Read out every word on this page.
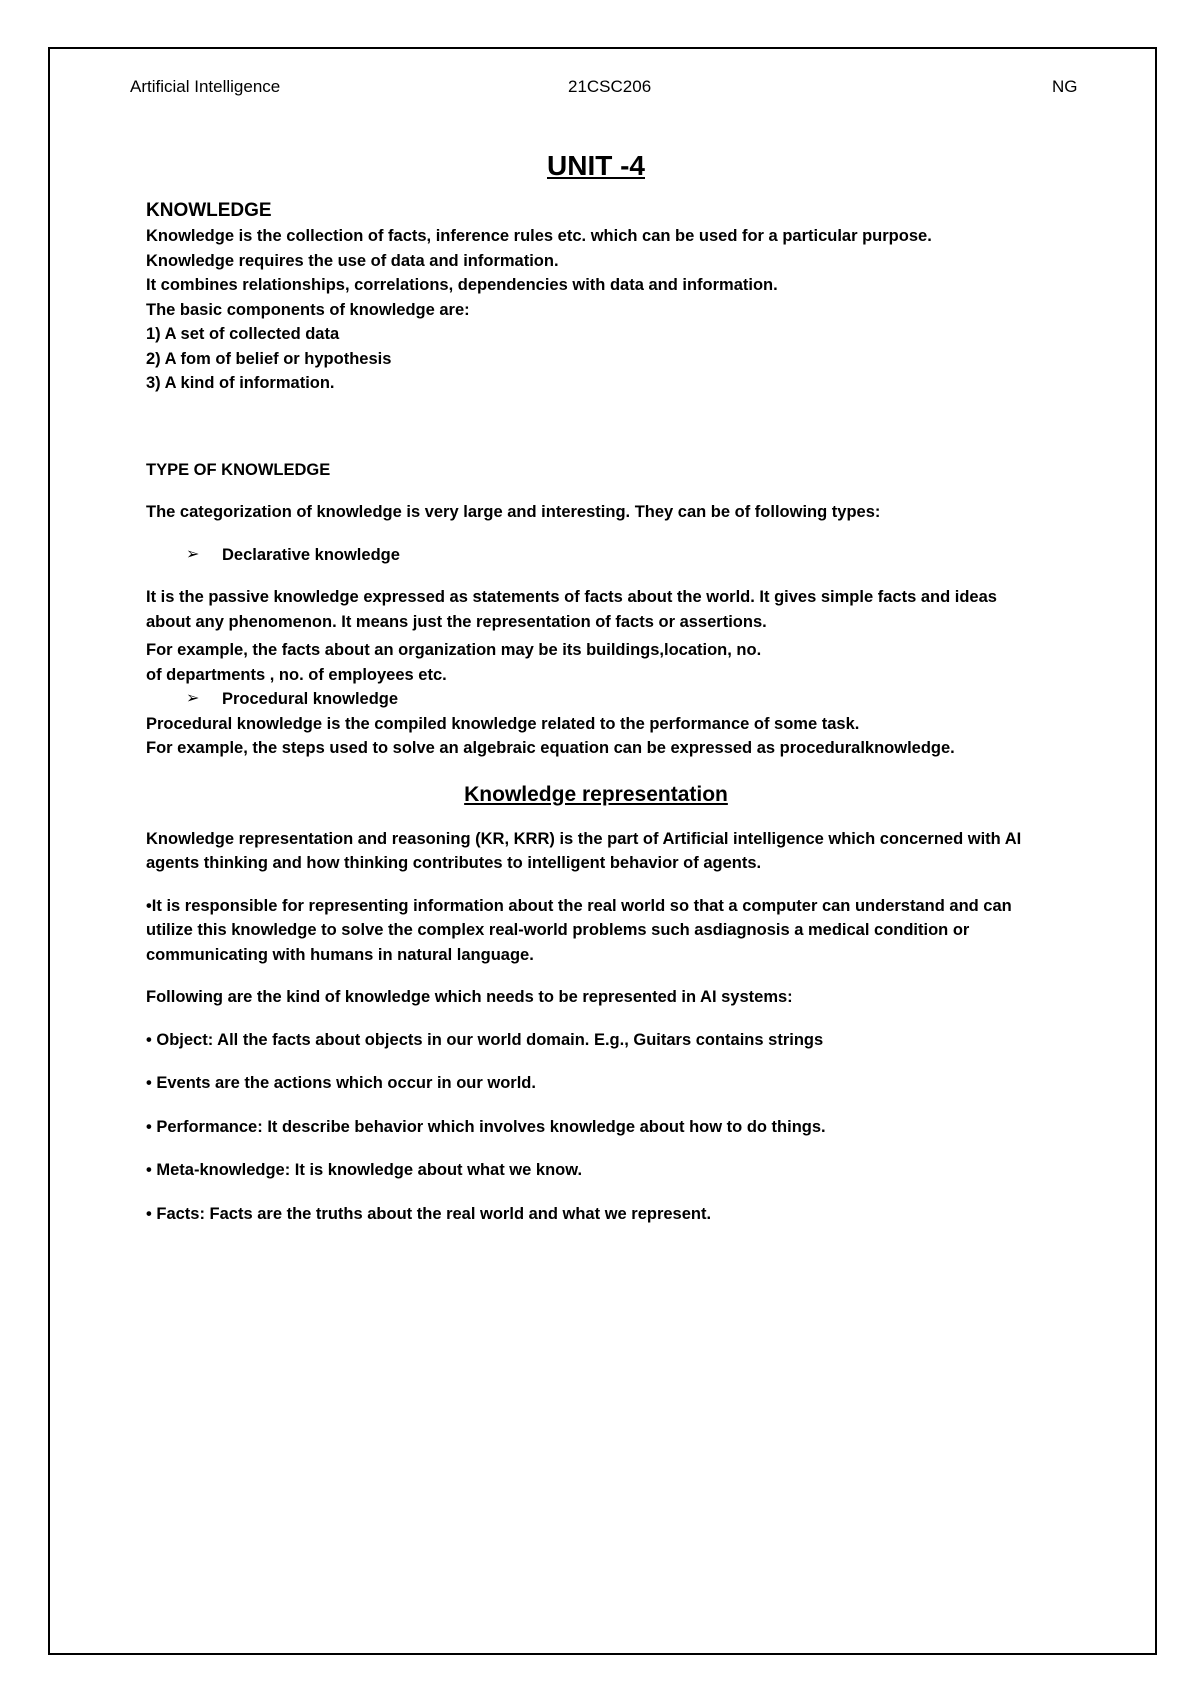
Artificial Intelligence	21CSC206	NG
UNIT -4
KNOWLEDGE
Knowledge is the collection of facts, inference rules etc. which can be used for a particular purpose.
Knowledge requires the use of data and information.
It combines relationships, correlations, dependencies with data and information.
The basic components of knowledge are:
1) A set of collected data
2) A fom of belief or hypothesis
3) A kind of information.
TYPE OF KNOWLEDGE
The categorization of knowledge is very large and interesting. They can be of following types:
➢	Declarative knowledge
It is the passive knowledge expressed as statements of facts about the world. It gives simple facts and ideas about any phenomenon. It means just the representation of facts or assertions.
For example, the facts about an organization may be its buildings,location, no.
of departments , no. of employees etc.
➢	Procedural knowledge
Procedural knowledge is the compiled knowledge related to the performance of some task.
For example, the steps used to solve an algebraic equation can be expressed as proceduralknowledge.
Knowledge representation
Knowledge representation and reasoning (KR, KRR) is the part of Artificial intelligence which concerned with AI agents thinking and how thinking contributes to intelligent behavior of agents.
•It is responsible for representing information about the real world so that a computer can understand and can utilize this knowledge to solve the complex real-world problems such asdiagnosis a medical condition or communicating with humans in natural language.
Following are the kind of knowledge which needs to be represented in AI systems:
• Object: All the facts about objects in our world domain. E.g., Guitars contains strings
• Events are the actions which occur in our world.
• Performance: It describe behavior which involves knowledge about how to do things.
• Meta-knowledge: It is knowledge about what we know.
• Facts: Facts are the truths about the real world and what we represent.
